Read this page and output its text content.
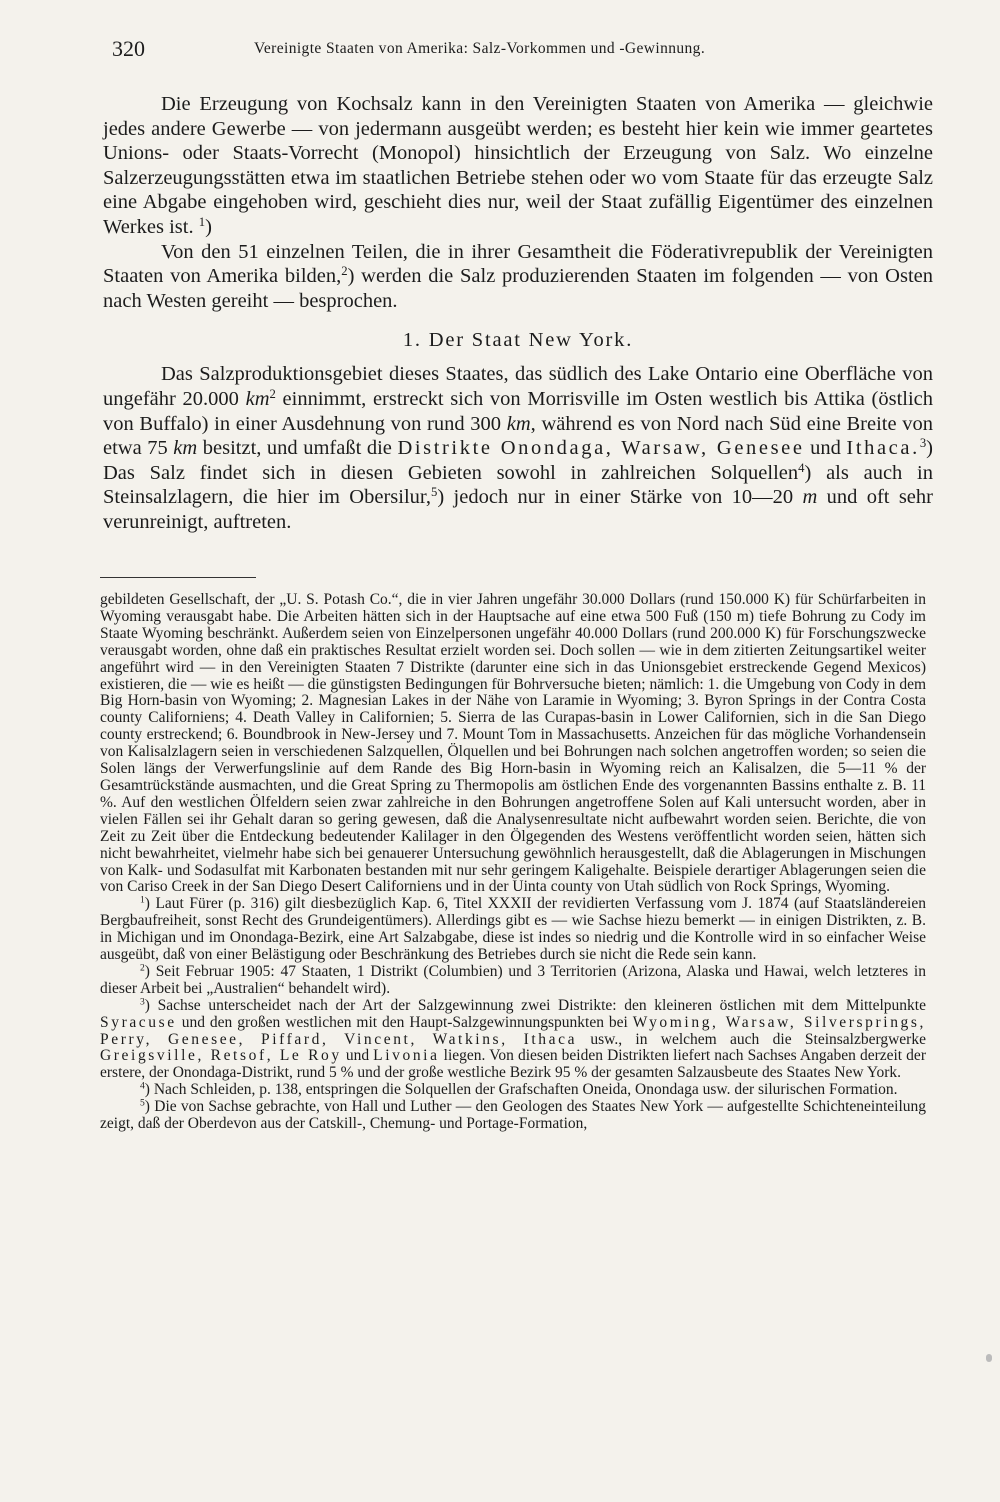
320	Vereinigte Staaten von Amerika: Salz-Vorkommen und -Gewinnung.

Die Erzeugung von Kochsalz kann in den Vereinigten Staaten von Amerika — gleichwie jedes andere Gewerbe — von jedermann ausgeübt werden; es besteht hier kein wie immer geartetes Unions- oder Staats-Vorrecht (Monopol) hinsichtlich der Erzeugung von Salz. Wo einzelne Salzerzeugungsstätten etwa im staatlichen Betriebe stehen oder wo vom Staate für das erzeugte Salz eine Abgabe eingehoben wird, geschieht dies nur, weil der Staat zufällig Eigentümer des einzelnen Werkes ist. $^1$)

Von den 51 einzelnen Teilen, die in ihrer Gesamtheit die Föderativrepublik der Vereinigten Staaten von Amerika bilden,$^2$) werden die Salz produzierenden Staaten im folgenden — von Osten nach Westen gereiht — besprochen.

1. Der Staat New York.

Das Salzproduktionsgebiet dieses Staates, das südlich des Lake Ontario eine Oberfläche von ungefähr 20.000 $km^2$ einnimmt, erstreckt sich von Morrisville im Osten westlich bis Attika (östlich von Buffalo) in einer Ausdehnung von rund 300 km, während es von Nord nach Süd eine Breite von etwa 75 km besitzt, und umfaßt die Distrikte Onondaga, Warsaw, Genesee und Ithaca.$^3$) Das Salz findet sich in diesen Gebieten sowohl in zahlreichen Solquellen$^4$) als auch in Steinsalzlagern, die hier im Obersilur,$^5$) jedoch nur in einer Stärke von 10—20 m und oft sehr verunreinigt, auftreten.

gebildeten Gesellschaft, der „U. S. Potash Co.“, die in vier Jahren ungefähr 30.000 Dollars (rund 150.000 K) für Schürfarbeiten in Wyoming verausgabt habe. Die Arbeiten hätten sich in der Hauptsache auf eine etwa 500 Fuß (150 m) tiefe Bohrung zu Cody im Staate Wyoming beschränkt. Außerdem seien von Einzelpersonen ungefähr 40.000 Dollars (rund 200.000 K) für Forschungszwecke verausgabt worden, ohne daß ein praktisches Resultat erzielt worden sei. Doch sollen — wie in dem zitierten Zeitungsartikel weiter angeführt wird — in den Vereinigten Staaten 7 Distrikte (darunter eine sich in das Unionsgebiet erstreckende Gegend Mexicos) existieren, die — wie es heißt — die günstigsten Bedingungen für Bohrversuche bieten; nämlich: 1. die Umgebung von Cody in dem Big Horn-basin von Wyoming; 2. Magnesian Lakes in der Nähe von Laramie in Wyoming; 3. Byron Springs in der Contra Costa county Californiens; 4. Death Valley in Californien; 5. Sierra de las Curapas-basin in Lower Californien, sich in die San Diego county erstreckend; 6. Boundbrook in New-Jersey und 7. Mount Tom in Massachusetts. Anzeichen für das mögliche Vorhandensein von Kalisalzlagern seien in verschiedenen Salzquellen, Ölquellen und bei Bohrungen nach solchen angetroffen worden; so seien die Solen längs der Verwerfungslinie auf dem Rande des Big Horn-basin in Wyoming reich an Kalisalzen, die 5—11 % der Gesamtrückstände ausmachten, und die Great Spring zu Thermopolis am östlichen Ende des vorgenannten Bassins enthalte z. B. 11 %. Auf den westlichen Ölfeldern seien zwar zahlreiche in den Bohrungen angetroffene Solen auf Kali untersucht worden, aber in vielen Fällen sei ihr Gehalt daran so gering gewesen, daß die Analysenresultate nicht aufbewahrt worden seien. Berichte, die von Zeit zu Zeit über die Entdeckung bedeutender Kalilager in den Ölgegenden des Westens veröffentlicht worden seien, hätten sich nicht bewahrheitet, vielmehr habe sich bei genauerer Untersuchung gewöhnlich herausgestellt, daß die Ablagerungen in Mischungen von Kalk- und Sodasulfat mit Karbonaten bestanden mit nur sehr geringem Kaligehalte. Beispiele derartiger Ablagerungen seien die von Cariso Creek in der San Diego Desert Californiens und in der Uinta county von Utah südlich von Rock Springs, Wyoming.

$^1$) Laut Fürer (p. 316) gilt diesbezüglich Kap. 6, Titel XXXII der revidierten Verfassung vom J. 1874 (auf Staatsländereien Bergbaufreiheit, sonst Recht des Grundeigentümers). Allerdings gibt es — wie Sachse hiezu bemerkt — in einigen Distrikten, z. B. in Michigan und im Onondaga-Bezirk, eine Art Salzabgabe, diese ist indes so niedrig und die Kontrolle wird in so einfacher Weise ausgeübt, daß von einer Belästigung oder Beschränkung des Betriebes durch sie nicht die Rede sein kann.

$^2$) Seit Februar 1905: 47 Staaten, 1 Distrikt (Columbien) und 3 Territorien (Arizona, Alaska und Hawai, welch letzteres in dieser Arbeit bei „Australien“ behandelt wird).

$^3$) Sachse unterscheidet nach der Art der Salzgewinnung zwei Distrikte: den kleineren östlichen mit dem Mittelpunkte Syracuse und den großen westlichen mit den Haupt-Salzgewinnungspunkten bei Wyoming, Warsaw, Silversprings, Perry, Genesee, Piffard, Vincent, Watkins, Ithaca usw., in welchem auch die Steinsalzbergwerke Greigsville, Retsof, Le Roy und Livonia liegen. Von diesen beiden Distrikten liefert nach Sachses Angaben derzeit der erstere, der Onondaga-Distrikt, rund 5 % und der große westliche Bezirk 95 % der gesamten Salzausbeute des Staates New York.

$^4$) Nach Schleiden, p. 138, entspringen die Solquellen der Grafschaften Oneida, Onondaga usw. der silurischen Formation.

$^5$) Die von Sachse gebrachte, von Hall und Luther — den Geologen des Staates New York — aufgestellte Schichteneinteilung zeigt, daß der Oberdevon aus der Catskill-, Chemung- und Portage-Formation,
